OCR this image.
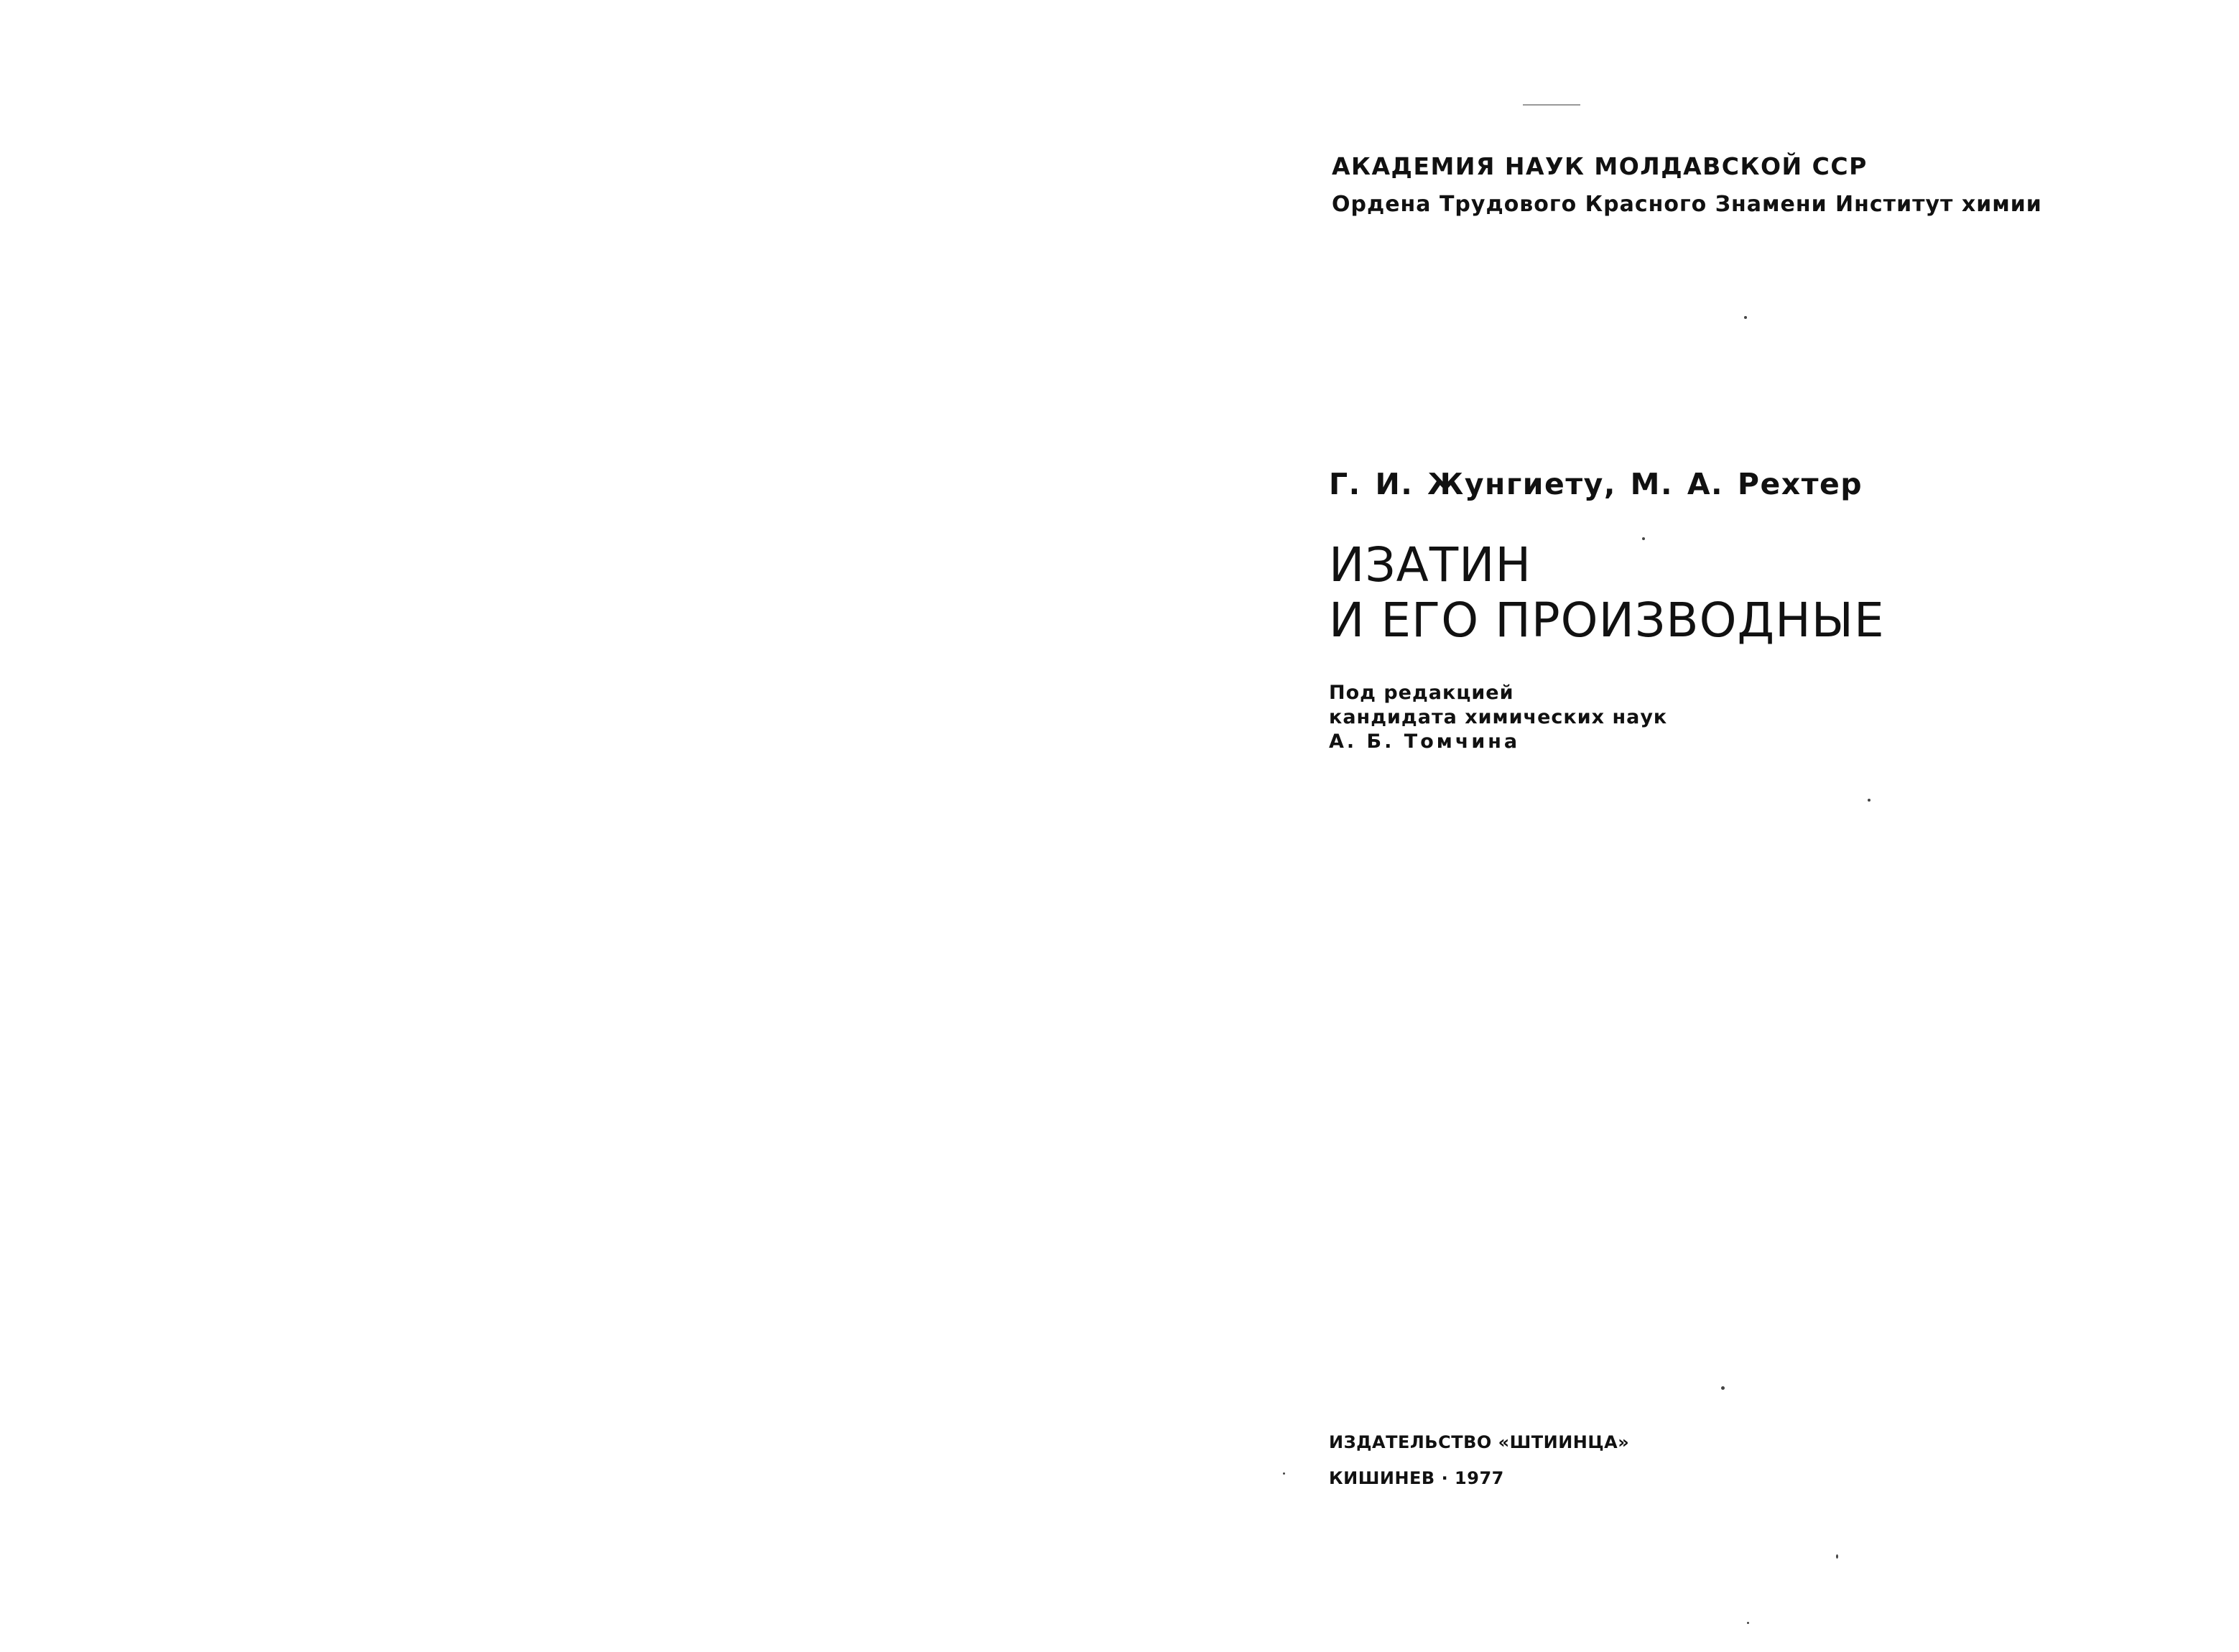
АКАДЕМИЯ НАУК МОЛДАВСКОЙ ССР
Ордена Трудового Красного Знамени Институт химии
Г. И. Жунгиету, М. А. Рехтер
ИЗАТИН
И ЕГО ПРОИЗВОДНЫЕ
Под редакцией
кандидата химических наук
А. Б. Томчина
ИЗДАТЕЛЬСТВО «ШТИИНЦА»
КИШИНЕВ · 1977
